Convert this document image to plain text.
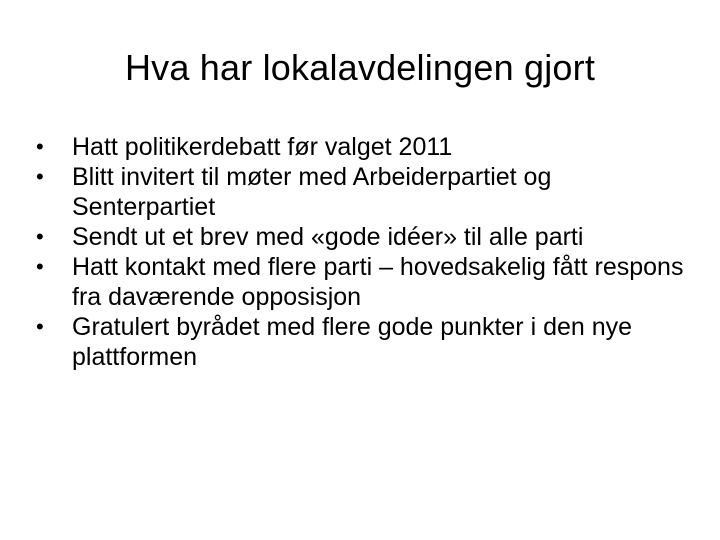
Hva har lokalavdelingen gjort
•	Hatt politikerdebatt før valget 2011
•	Blitt invitert til møter med Arbeiderpartiet og Senterpartiet
•	Sendt ut et brev med «gode idéer» til alle parti
•	Hatt kontakt med flere parti – hovedsakelig fått respons fra daværende opposisjon
•	Gratulert byrådet med flere gode punkter i den nye plattformen
